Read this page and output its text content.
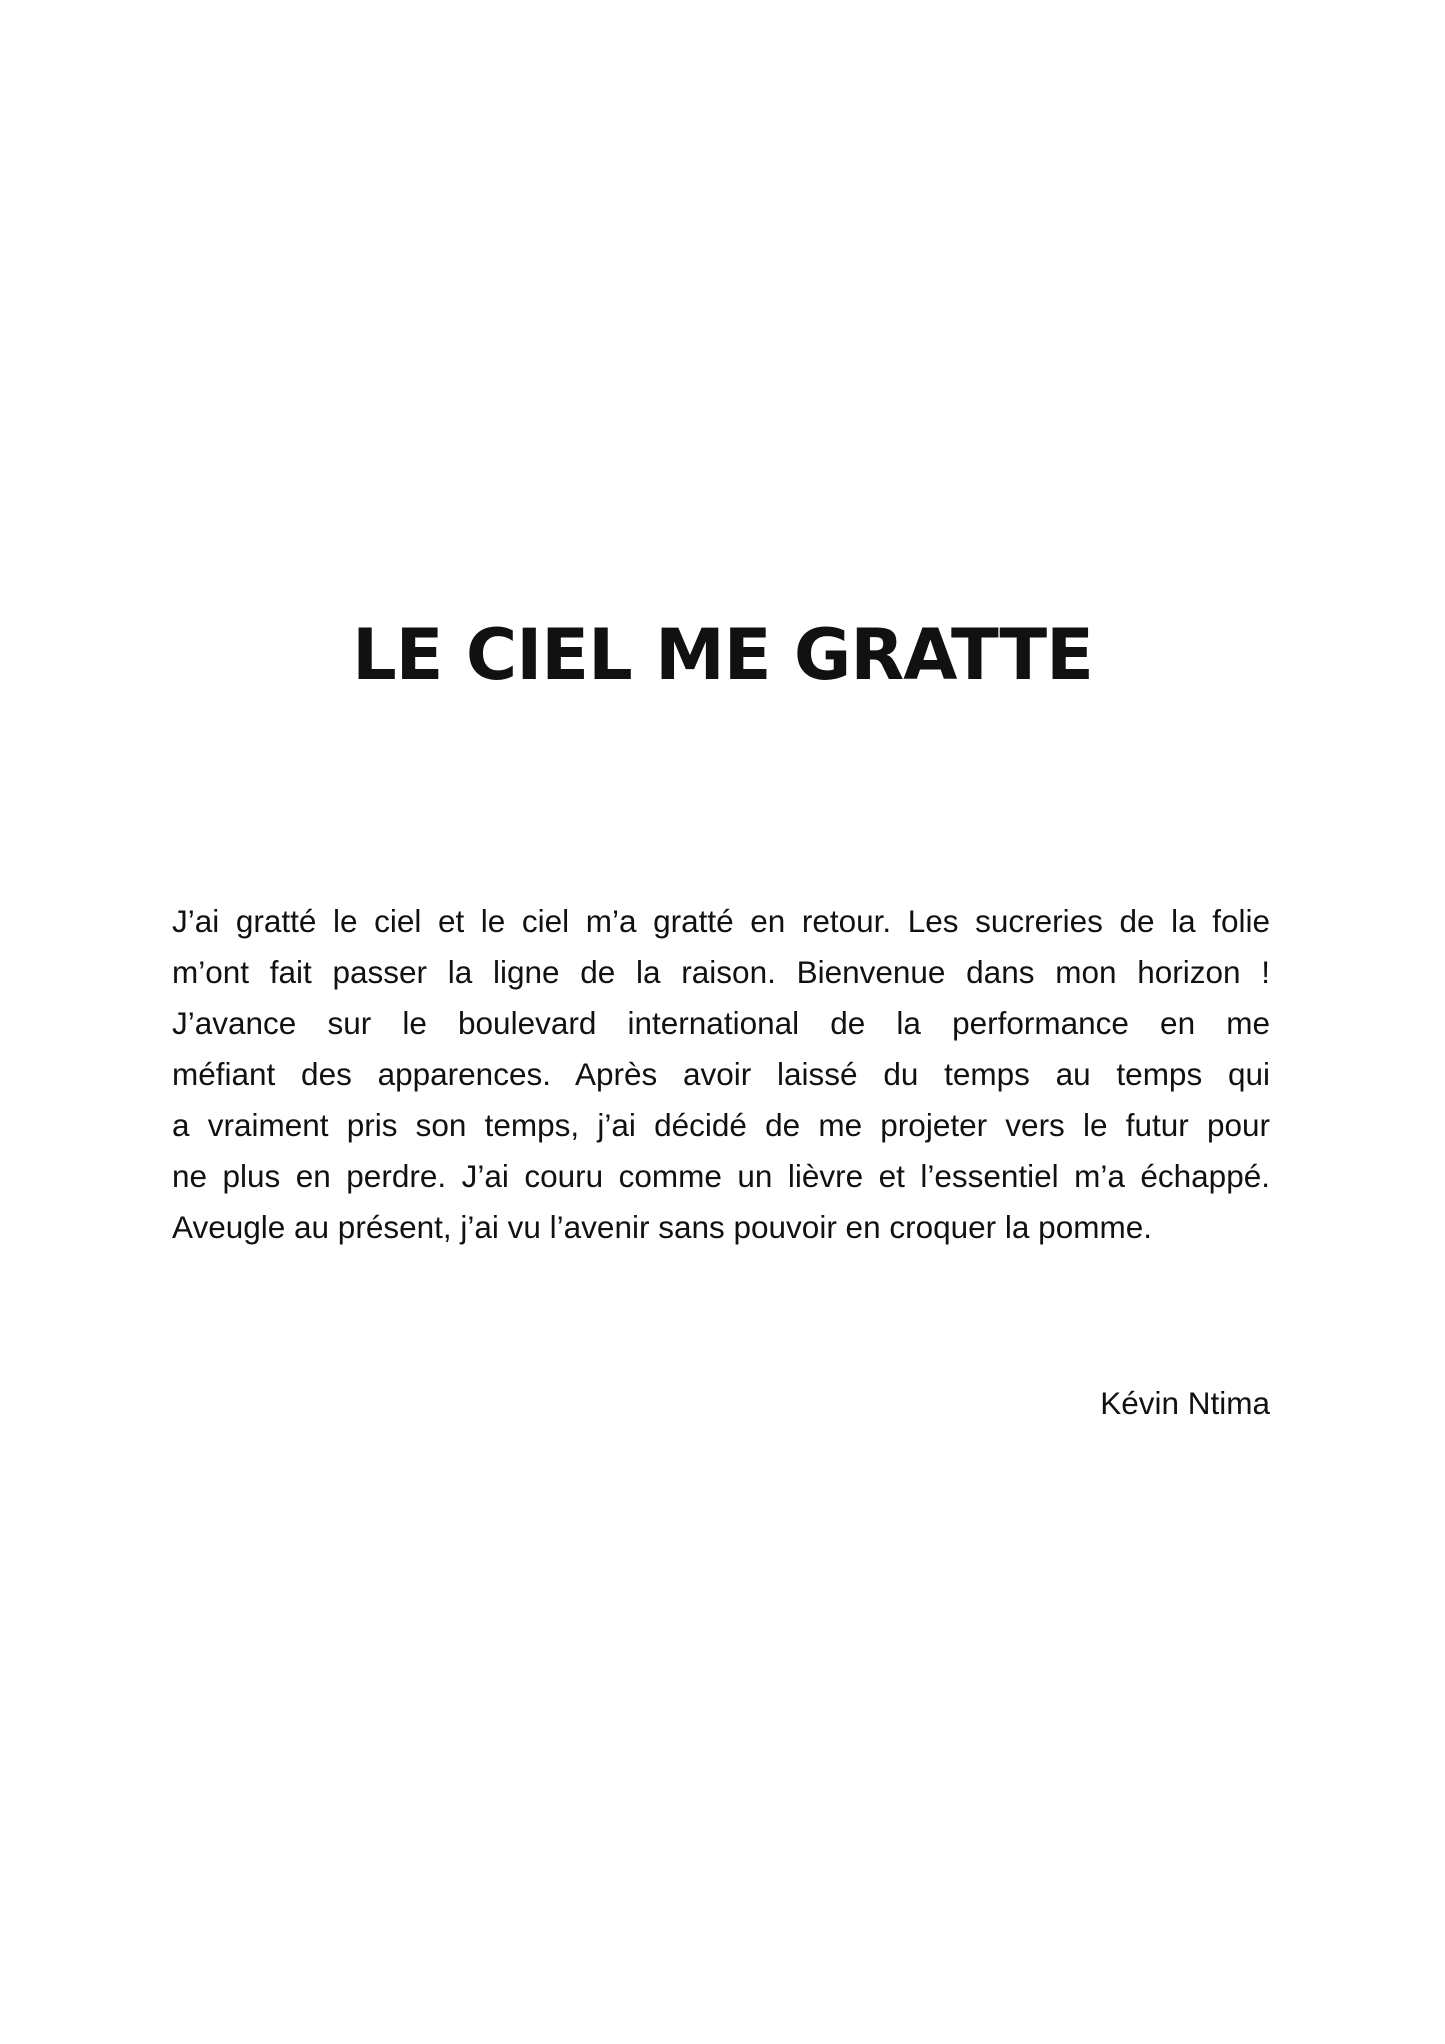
LE CIEL ME GRATTE
J’ai gratté le ciel et le ciel m’a gratté en retour. Les sucreries de la folie
m’ont fait passer la ligne de la raison. Bienvenue dans mon horizon !
J’avance sur le boulevard international de la performance en me
méfiant des apparences. Après avoir laissé du temps au temps qui
a vraiment pris son temps, j’ai décidé de me projeter vers le futur pour
ne plus en perdre. J’ai couru comme un lièvre et l’essentiel m’a échappé.
Aveugle au présent, j’ai vu l’avenir sans pouvoir en croquer la pomme.

Kévin Ntima
